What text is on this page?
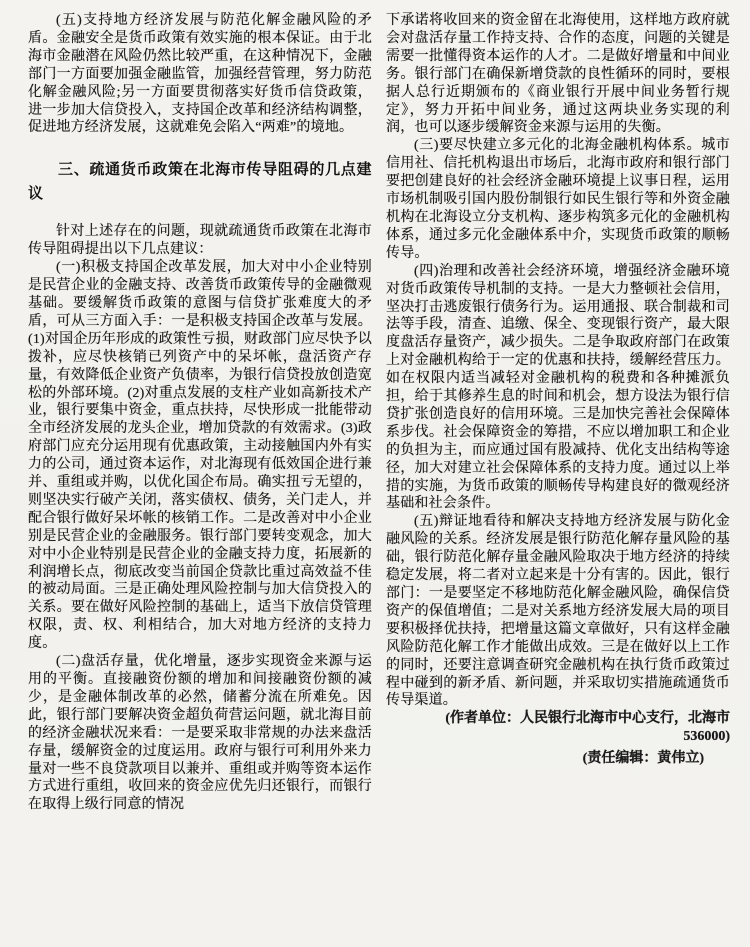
(五)支持地方经济发展与防范化解金融风险的矛盾。金融安全是货币政策有效实施的根本保证。由于北海市金融潜在风险仍然比较严重，在这种情况下，金融部门一方面要加强金融监管，加强经营管理，努力防范化解金融风险;另一方面要贯彻落实好货币信贷政策，进一步加大信贷投入，支持国企改革和经济结构调整，促进地方经济发展，这就难免会陷入“两难”的境地。

三、疏通货币政策在北海市传导阻碍的几点建议

针对上述存在的问题，现就疏通货币政策在北海市传导阻碍提出以下几点建议：

(一)积极支持国企改革发展，加大对中小企业特别是民营企业的金融支持、改善货币政策传导的金融微观基础。要缓解货币政策的意图与信贷扩张难度大的矛盾，可从三方面入手：一是积极支持国企改革与发展。(1)对国企历年形成的政策性亏损，财政部门应尽快予以拨补，应尽快核销已列资产中的呆坏帐，盘活资产存量，有效降低企业资产负债率，为银行信贷投放创造宽松的外部环境。(2)对重点发展的支柱产业如高新技术产业，银行要集中资金，重点扶持，尽快形成一批能带动全市经济发展的龙头企业，增加贷款的有效需求。(3)政府部门应充分运用现有优惠政策，主动接触国内外有实力的公司，通过资本运作，对北海现有低效国企进行兼并、重组或并购，以优化国企布局。确实扭亏无望的，则坚决实行破产关闭，落实债权、债务，关门走人，并配合银行做好呆坏帐的核销工作。二是改善对中小企业别是民营企业的金融服务。银行部门要转变观念，加大对中小企业特别是民营企业的金融支持力度，拓展新的利润增长点，彻底改变当前国企贷款比重过高效益不佳的被动局面。三是正确处理风险控制与加大信贷投入的关系。要在做好风险控制的基础上，适当下放信贷管理权限，责、权、利相结合，加大对地方经济的支持力度。

(二)盘活存量，优化增量，逐步实现资金来源与运用的平衡。直接融资份额的增加和间接融资份额的减少，是金融体制改革的必然，储蓄分流在所难免。因此，银行部门要解决资金超负荷营运问题，就北海目前的经济金融状况来看：一是要采取非常规的办法来盘活存量，缓解资金的过度运用。政府与银行可利用外来力量对一些不良贷款项目以兼并、重组或并购等资本运作方式进行重组，收回来的资金应优先归还银行，而银行在取得上级行同意的情况

下承诺将收回来的资金留在北海使用，这样地方政府就会对盘活存量工作持支持、合作的态度，问题的关键是需要一批懂得资本运作的人才。二是做好增量和中间业务。银行部门在确保新增贷款的良性循环的同时，要根据人总行近期颁布的《商业银行开展中间业务暂行规定》，努力开拓中间业务，通过这两块业务实现的利润，也可以逐步缓解资金来源与运用的失衡。

(三)要尽快建立多元化的北海金融机构体系。城市信用社、信托机构退出市场后，北海市政府和银行部门要把创建良好的社会经济金融环境提上议事日程，运用市场机制吸引国内股份制银行如民生银行等和外资金融机构在北海设立分支机构、逐步构筑多元化的金融机构体系，通过多元化金融体系中介，实现货币政策的顺畅传导。

(四)治理和改善社会经济环境，增强经济金融环境对货币政策传导机制的支持。一是大力整顿社会信用，坚决打击逃废银行债务行为。运用通报、联合制裁和司法等手段，清查、追缴、保全、变现银行资产，最大限度盘活存量资产，减少损失。二是争取政府部门在政策上对金融机构给于一定的优惠和扶持，缓解经营压力。如在权限内适当减轻对金融机构的税费和各种摊派负担，给于其修养生息的时间和机会，想方设法为银行信贷扩张创造良好的信用环境。三是加快完善社会保障体系步伐。社会保障资金的筹措，不应以增加职工和企业的负担为主，而应通过国有股减持、优化支出结构等途径，加大对建立社会保障体系的支持力度。通过以上举措的实施，为货币政策的顺畅传导构建良好的微观经济基础和社会条件。

(五)辩证地看待和解决支持地方经济发展与防化金融风险的关系。经济发展是银行防范化解存量风险的基础，银行防范化解存量金融风险取决于地方经济的持续稳定发展，将二者对立起来是十分有害的。因此，银行部门：一是要坚定不移地防范化解金融风险，确保信贷资产的保值增值；二是对关系地方经济发展大局的项目要积极择优扶持，把增量这篇文章做好，只有这样金融风险防范化解工作才能做出成效。三是在做好以上工作的同时，还要注意调查研究金融机构在执行货币政策过程中碰到的新矛盾、新问题，并采取切实措施疏通货币传导渠道。

(作者单位：人民银行北海市中心支行，北海市　536000)

(责任编辑：黄伟立)
